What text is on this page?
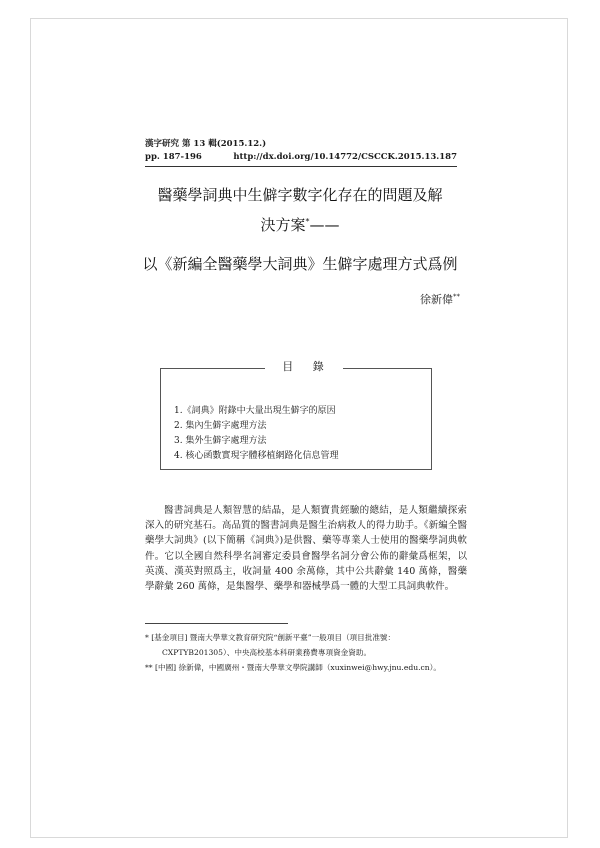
漢字研究 第 13 輯(2015.12.)
pp. 187-196	http://dx.doi.org/10.14772/CSCCK.2015.13.187
醫藥學詞典中生僻字數字化存在的問題及解
決方案*——
以《新編全醫藥學大詞典》生僻字處理方式爲例
徐新偉**
目 錄
1.《詞典》附錄中大量出現生僻字的原因
2. 集內生僻字處理方法
3. 集外生僻字處理方法
4. 核心函數實現字體移植網路化信息管理
醫書詞典是人類智慧的結晶，是人類寶貴經驗的總結，是人類繼續探索深入的研究基石。高品質的醫書詞典是醫生治病救人的得力助手。《新編全醫藥學大詞典》(以下簡稱《詞典》)是供醫、藥等專業人士使用的醫藥學詞典軟件。它以全國自然科學名詞審定委員會醫學名詞分會公佈的辭彙爲框架，以英漢、漢英對照爲主，收詞量 400 余萬條，其中公共辭彙 140 萬條，醫藥學辭彙 260 萬條，是集醫學、藥學和器械學爲一體的大型工具詞典軟件。
* [基金項目] 暨南大學華文教育研究院“創新平臺”一般項目（項目批准號：
CXPTYB201305）、中央高校基本科研業務費專項資金資助。
** [中國] 徐新偉，中國廣州・暨南大學華文學院講師（xuxinwei@hwy.jnu.edu.cn）。
